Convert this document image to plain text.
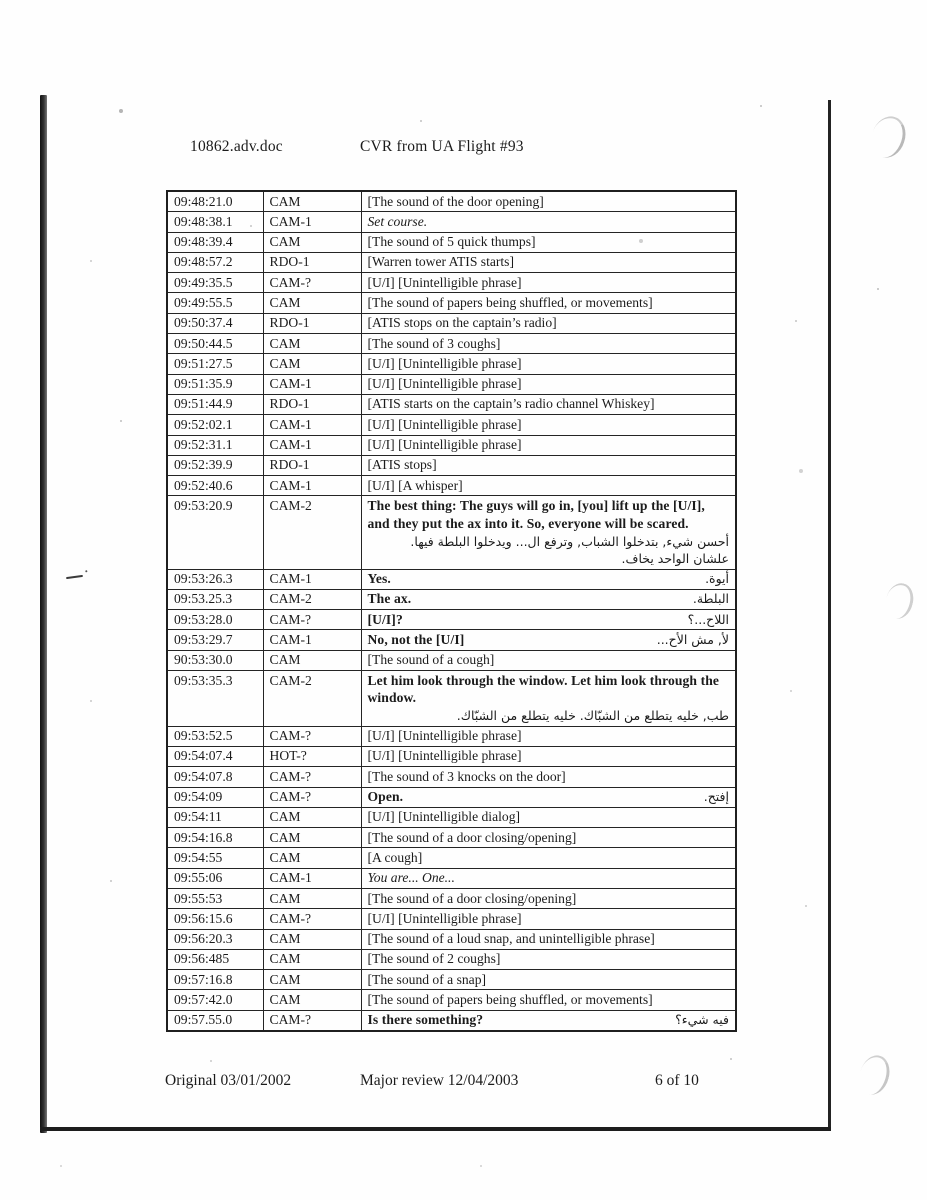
10862.adv.doc	CVR from UA Flight #93
09:48:21.0	CAM	[The sound of the door opening]

09:48:38.1	CAM-1	Set course.

09:48:39.4	CAM	[The sound of 5 quick thumps]

09:48:57.2	RDO-1	[Warren tower ATIS starts]

09:49:35.5	CAM-?	[U/I] [Unintelligible phrase]

09:49:55.5	CAM	[The sound of papers being shuffled, or movements]

09:50:37.4	RDO-1	[ATIS stops on the captain’s radio]

09:50:44.5	CAM	[The sound of 3 coughs]

09:51:27.5	CAM	[U/I] [Unintelligible phrase]

09:51:35.9	CAM-1	[U/I] [Unintelligible phrase]

09:51:44.9	RDO-1	[ATIS starts on the captain’s radio channel Whiskey]

09:52:02.1	CAM-1	[U/I] [Unintelligible phrase]

09:52:31.1	CAM-1	[U/I] [Unintelligible phrase]

09:52:39.9	RDO-1	[ATIS stops]

09:52:40.6	CAM-1	[U/I] [A whisper]

09:53:20.9	CAM-2	The best thing: The guys will go in, [you] lift up the [U/I], and they put the ax into it. So, everyone will be scared.
أحسن شيء, بتدخلوا الشباب, وترفع ال... ويدخلوا البلطة فيها.
علشان الواحد يخاف.

09:53:26.3	CAM-1	Yes. أيوة.

09:53.25.3	CAM-2	The ax. البلطة.

09:53:28.0	CAM-?	[U/I]? اللاح...؟

09:53:29.7	CAM-1	No, not the [U/I] لأ, مش الأح...

90:53:30.0	CAM	[The sound of a cough]

09:53:35.3	CAM-2	Let him look through the window. Let him look through the window.
طب, خليه يتطلع من الشبّاك. خليه يتطلع من الشبّاك.

09:53:52.5	CAM-?	[U/I] [Unintelligible phrase]

09:54:07.4	HOT-?	[U/I] [Unintelligible phrase]

09:54:07.8	CAM-?	[The sound of 3 knocks on the door]

09:54:09	CAM-?	Open. إفتح.

09:54:11	CAM	[U/I] [Unintelligible dialog]

09:54:16.8	CAM	[The sound of a door closing/opening]

09:54:55	CAM	[A cough]

09:55:06	CAM-1	You are... One...

09:55:53	CAM	[The sound of a door closing/opening]

09:56:15.6	CAM-?	[U/I] [Unintelligible phrase]

09:56:20.3	CAM	[The sound of a loud snap, and unintelligible phrase]

09:56:485	CAM	[The sound of 2 coughs]

09:57:16.8	CAM	[The sound of a snap]

09:57:42.0	CAM	[The sound of papers being shuffled, or movements]

09:57.55.0	CAM-?	Is there something? فيه شيء؟
Original 03/01/2002	Major review 12/04/2003	6 of 10
